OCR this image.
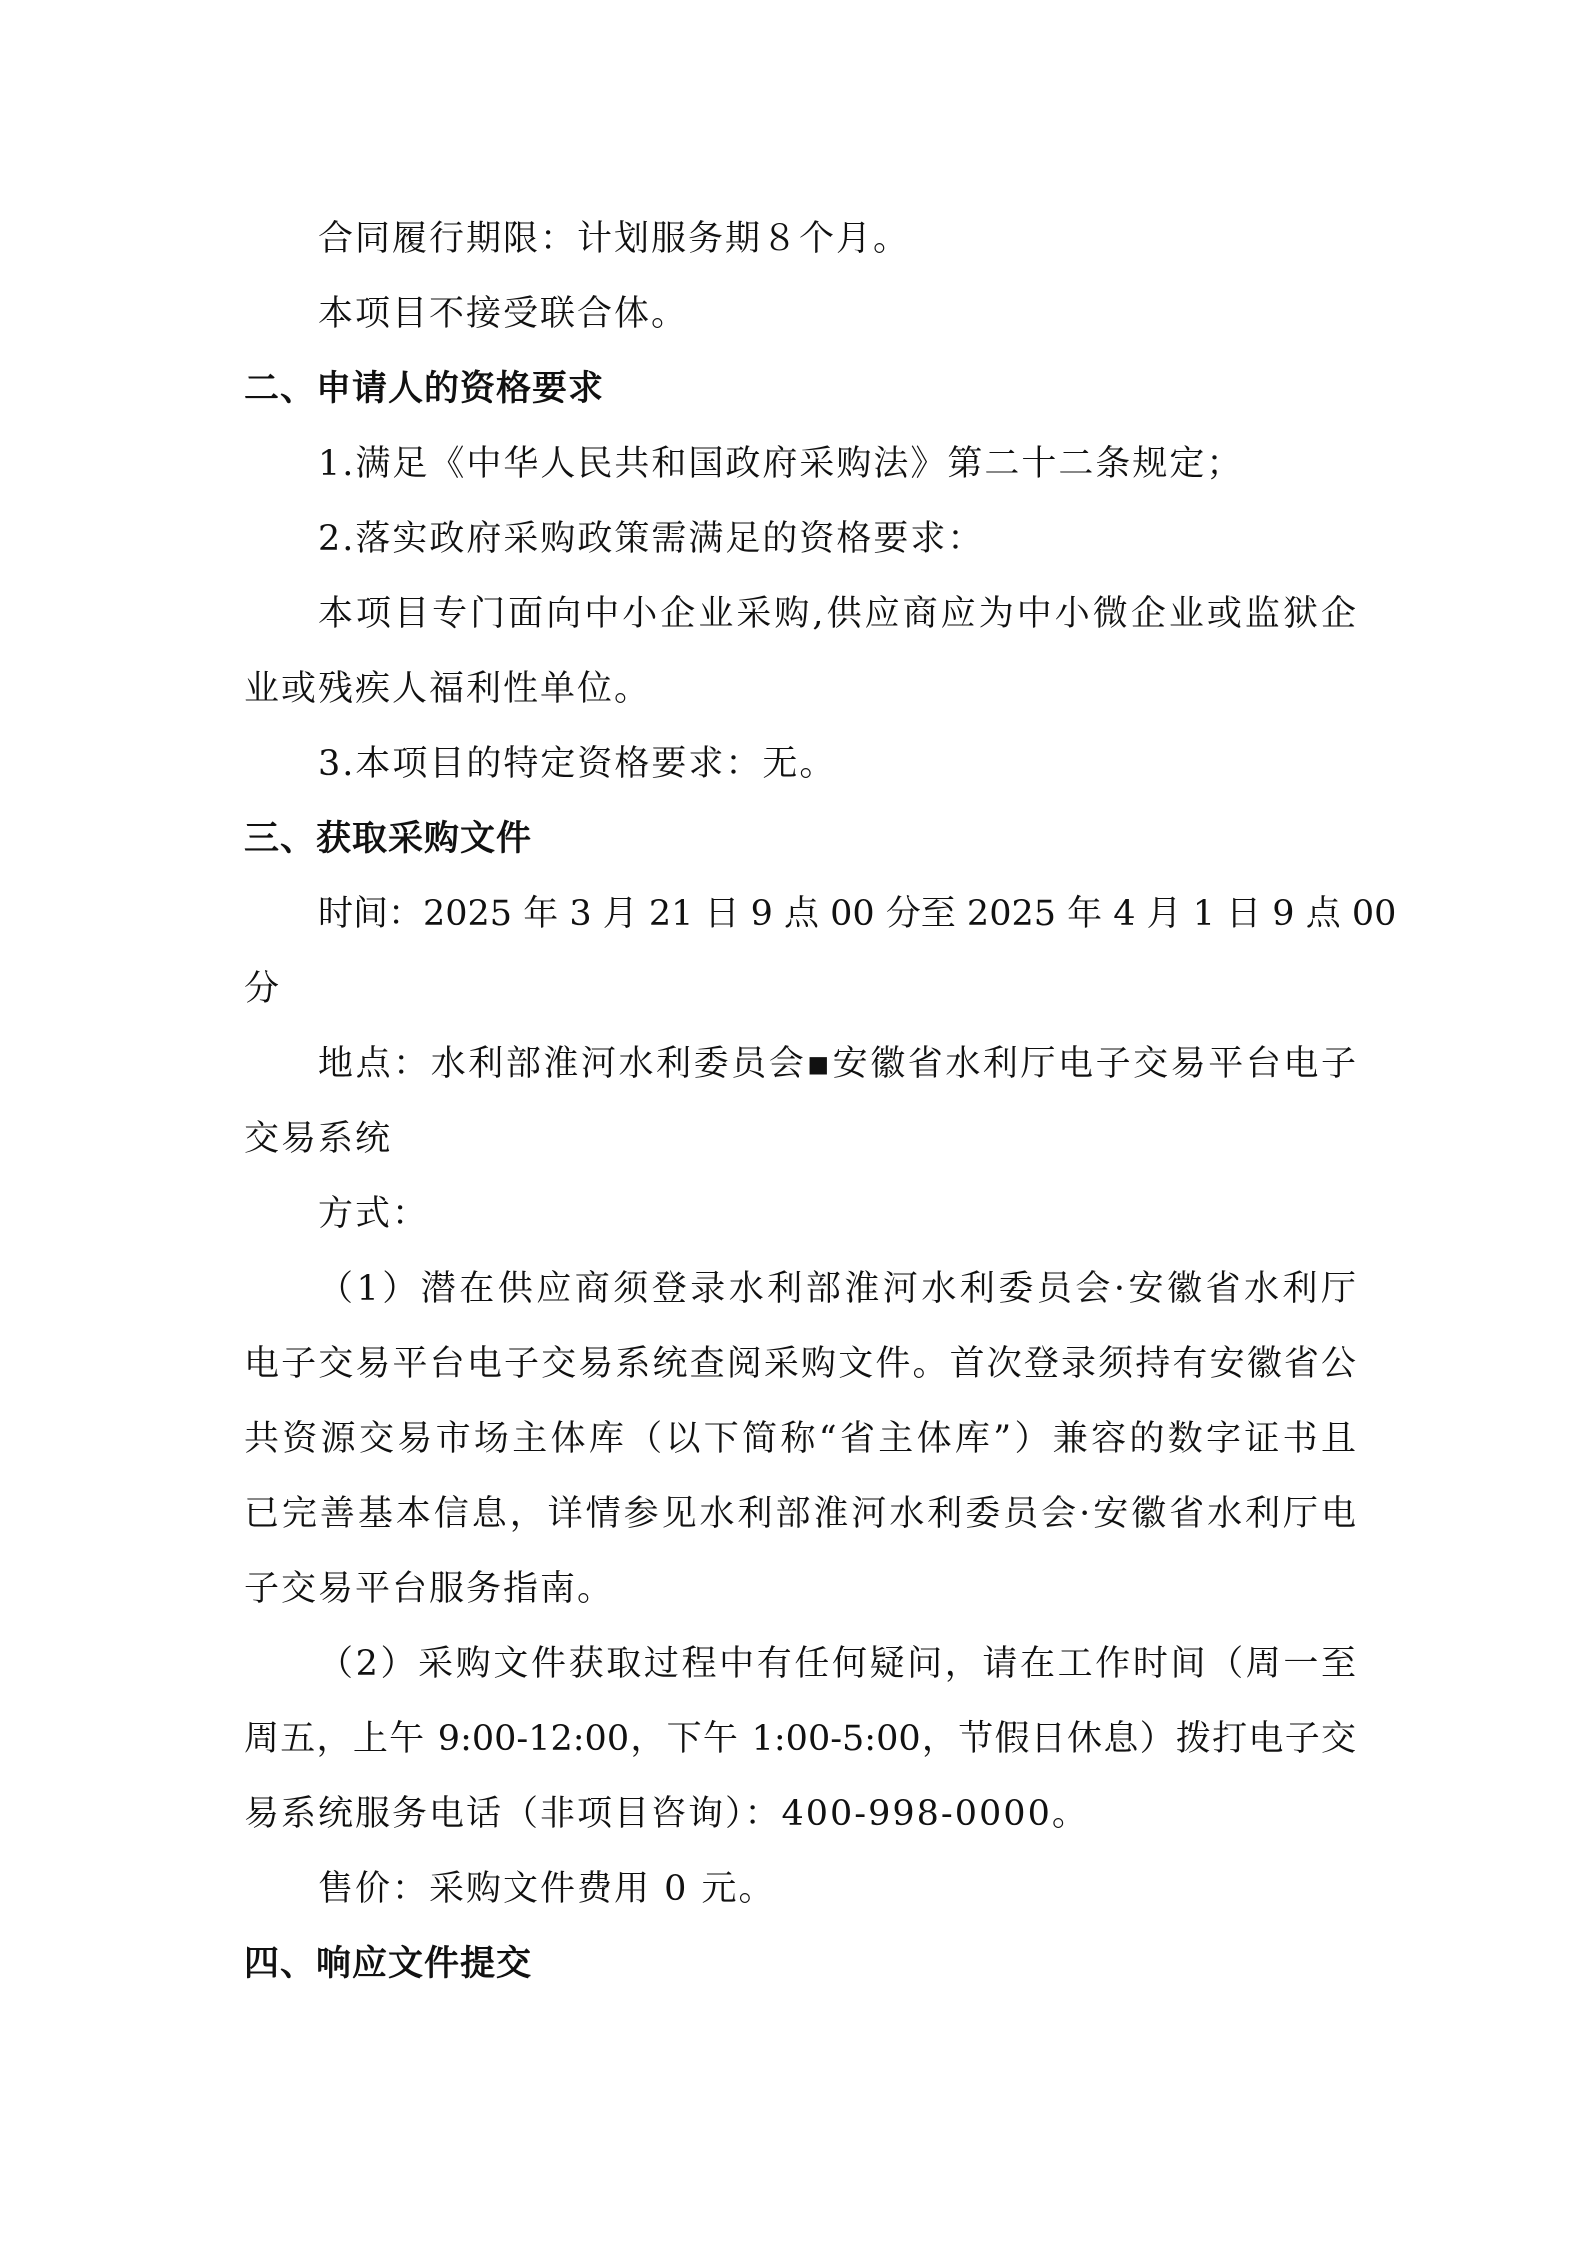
合同履行期限：计划服务期８个月。
本项目不接受联合体。
二、申请人的资格要求
1.满足《中华人民共和国政府采购法》第二十二条规定；
2.落实政府采购政策需满足的资格要求：
本项目专门面向中小企业采购,供应商应为中小微企业或监狱企
业或残疾人福利性单位。
3.本项目的特定资格要求：无。
三、获取采购文件
时间：2025 年 3 月 21 日 9 点 00 分至 2025 年 4 月 1 日 9 点 00
分
地点：水利部淮河水利委员会▪安徽省水利厅电子交易平台电子
交易系统
方式：
（1）潜在供应商须登录水利部淮河水利委员会·安徽省水利厅
电子交易平台电子交易系统查阅采购文件。首次登录须持有安徽省公
共资源交易市场主体库（以下简称“省主体库”）兼容的数字证书且
已完善基本信息，详情参见水利部淮河水利委员会·安徽省水利厅电
子交易平台服务指南。
（2）采购文件获取过程中有任何疑问，请在工作时间（周一至
周五，上午 9:00-12:00，下午 1:00-5:00，节假日休息）拨打电子交
易系统服务电话（非项目咨询）：400-998-0000。
售价：采购文件费用 0 元。
四、响应文件提交
